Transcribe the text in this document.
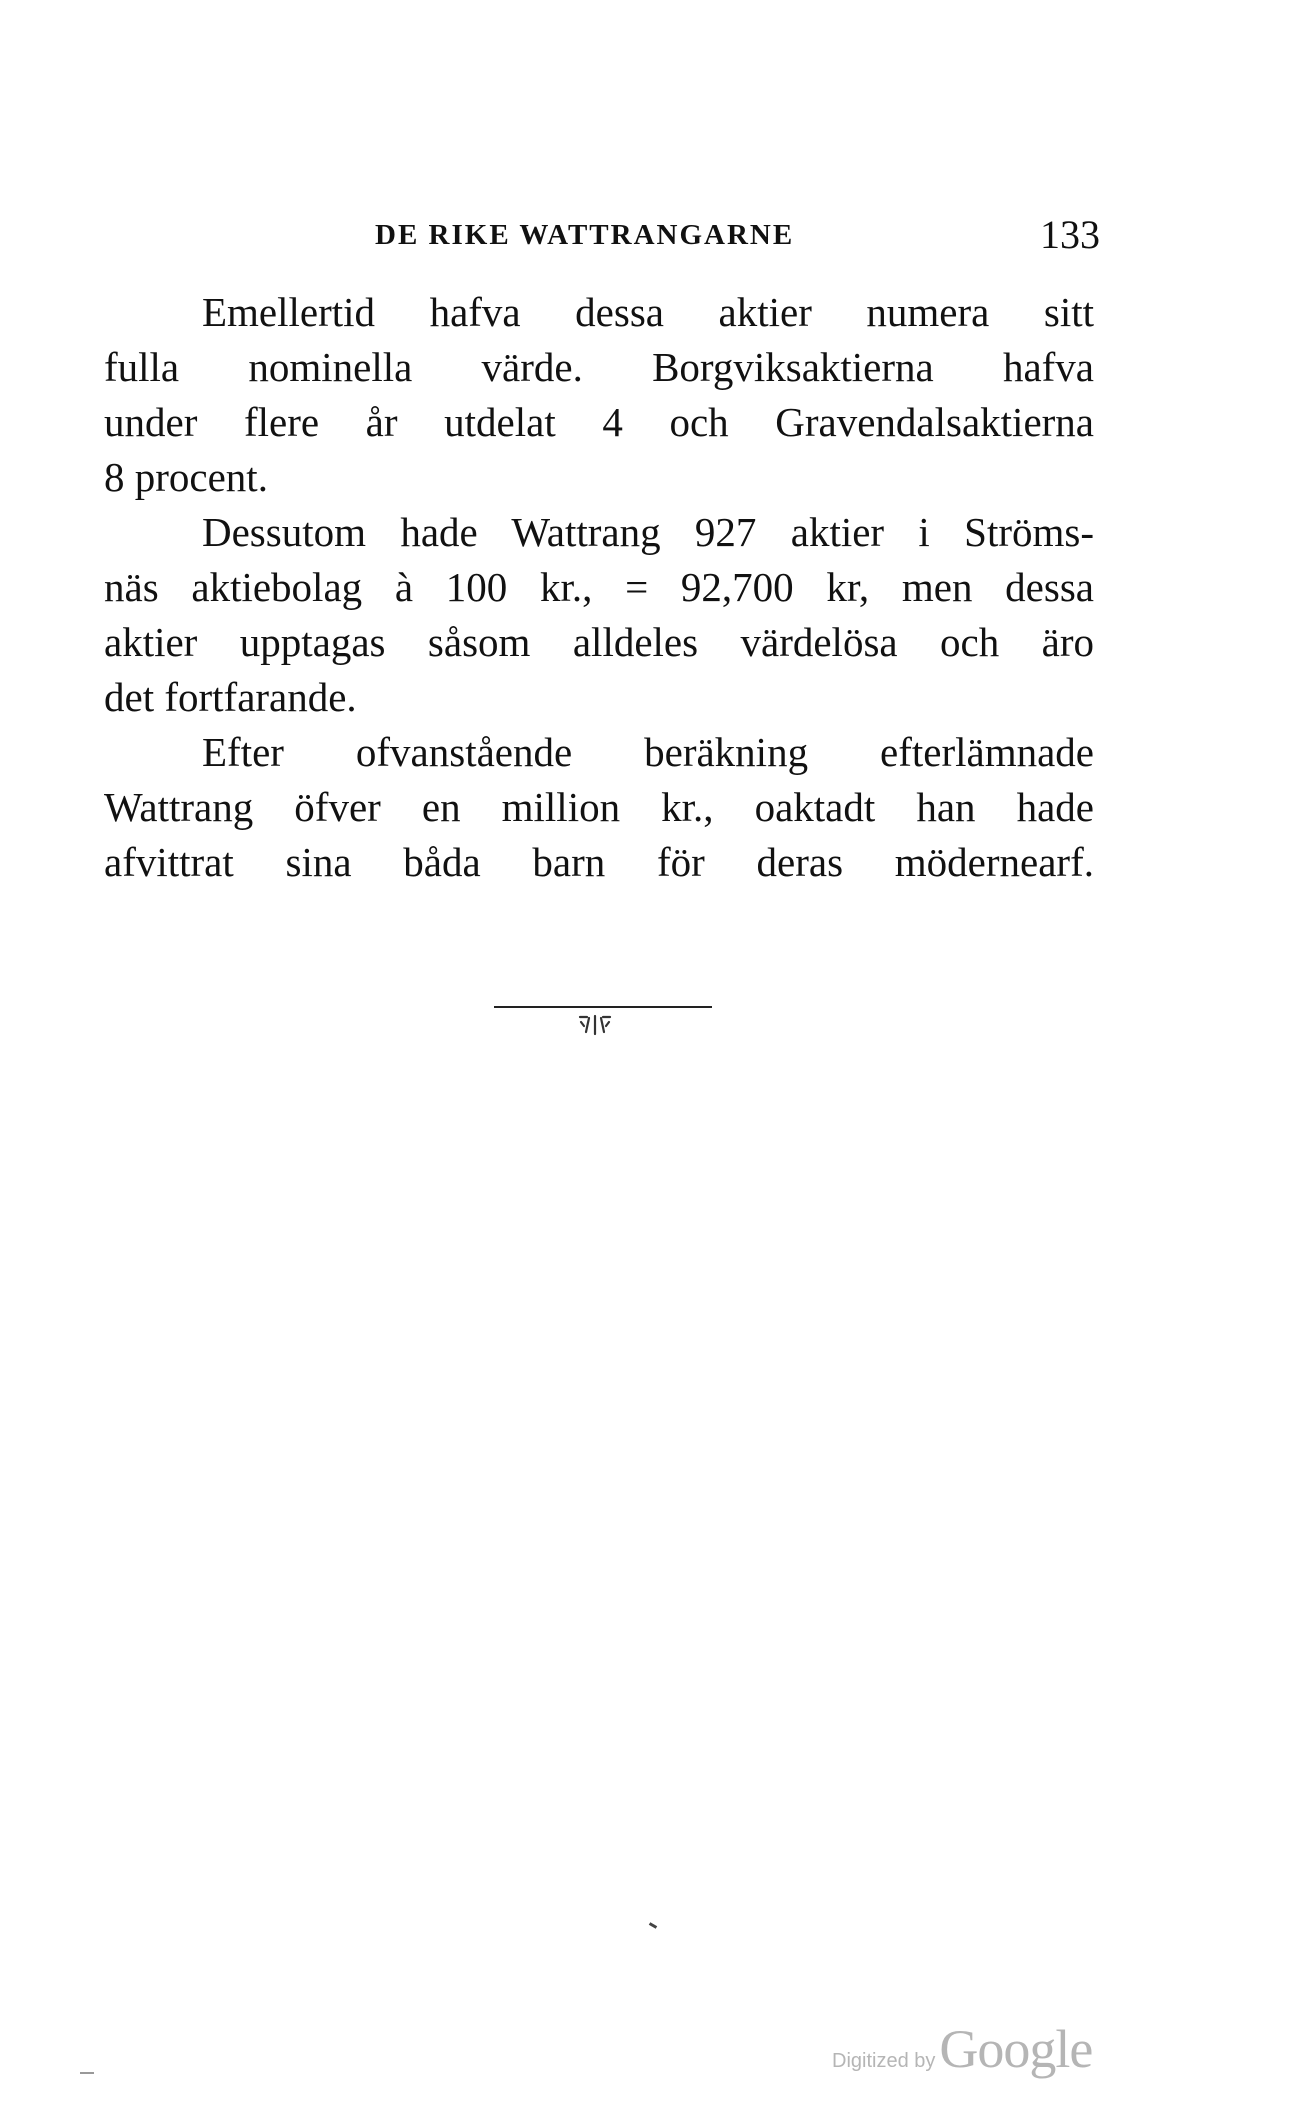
DE RIKE WATTRANGARNE	133
Emellertid hafva dessa aktier numera sitt
fulla nominella värde. Borgviksaktierna hafva
under flere år utdelat 4 och Gravendalsaktierna
8 procent.
Dessutom hade Wattrang 927 aktier i Ströms-
näs aktiebolag à 100 kr., = 92,700 kr, men dessa
aktier upptagas såsom alldeles värdelösa och äro
det fortfarande.
Efter ofvanstående beräkning efterlämnade
Wattrang öfver en million kr., oaktadt han hade
afvittrat sina båda barn för deras mödernearf.
Digitized by Google
